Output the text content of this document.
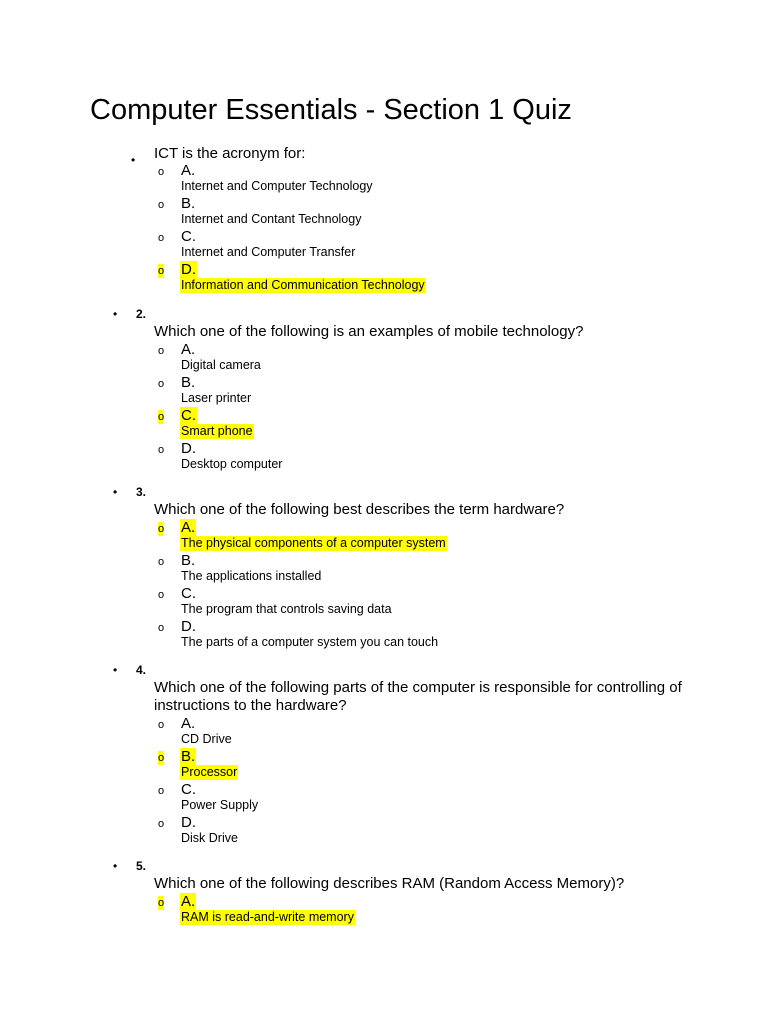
Computer Essentials - Section 1 Quiz
• ICT is the acronym for:
o A.
Internet and Computer Technology
o B.
Internet and Contant Technology
o C.
Internet and Computer Transfer
o D.
Information and Communication Technology
• 2.
Which one of the following is an examples of mobile technology?
o A.
Digital camera
o B.
Laser printer
o C.
Smart phone
o D.
Desktop computer
• 3.
Which one of the following best describes the term hardware?
o A.
The physical components of a computer system
o B.
The applications installed
o C.
The program that controls saving data
o D.
The parts of a computer system you can touch
• 4.
Which one of the following parts of the computer is responsible for controlling of instructions to the hardware?
o A.
CD Drive
o B.
Processor
o C.
Power Supply
o D.
Disk Drive
• 5.
Which one of the following describes RAM (Random Access Memory)?
o A.
RAM is read-and-write memory
